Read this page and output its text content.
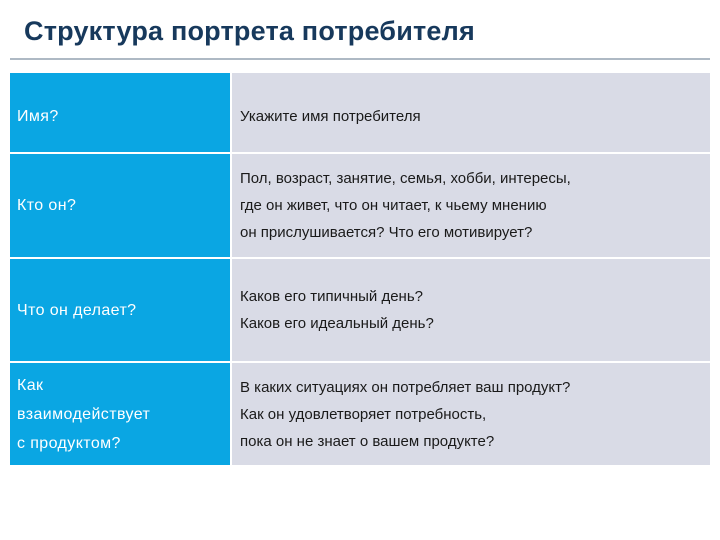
Структура портрета потребителя
Имя?	Укажите имя потребителя
Кто он?
Пол, возраст, занятие, семья, хобби, интересы,
где он живет, что он читает, к чьему мнению
он прислушивается? Что его мотивирует?
Что он делает?
Каков его типичный день?
Каков его идеальный день?
Как
взаимодействует
с продуктом?
В каких ситуациях он потребляет ваш продукт?
Как он удовлетворяет потребность,
пока он не знает о вашем продукте?
